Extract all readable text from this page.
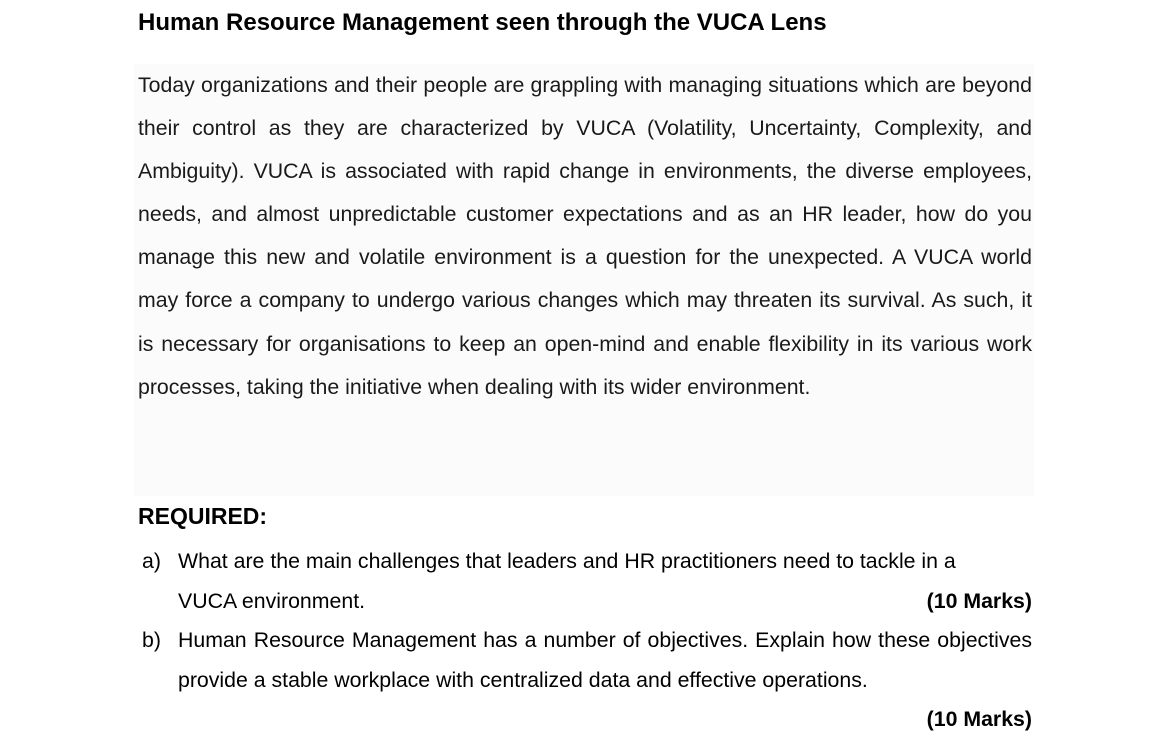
Human Resource Management seen through the VUCA Lens

Today organizations and their people are grappling with managing situations which are beyond their control as they are characterized by VUCA (Volatility, Uncertainty, Complexity, and Ambiguity). VUCA is associated with rapid change in environments, the diverse employees, needs, and almost unpredictable customer expectations and as an HR leader, how do you manage this new and volatile environment is a question for the unexpected. A VUCA world may force a company to undergo various changes which may threaten its survival. As such, it is necessary for organisations to keep an open-mind and enable flexibility in its various work processes, taking the initiative when dealing with its wider environment.

REQUIRED:
a) What are the main challenges that leaders and HR practitioners need to tackle in a
VUCA environment.	(10 Marks)
b) Human Resource Management has a number of objectives. Explain how these objectives provide a stable workplace with centralized data and effective operations.
(10 Marks)
